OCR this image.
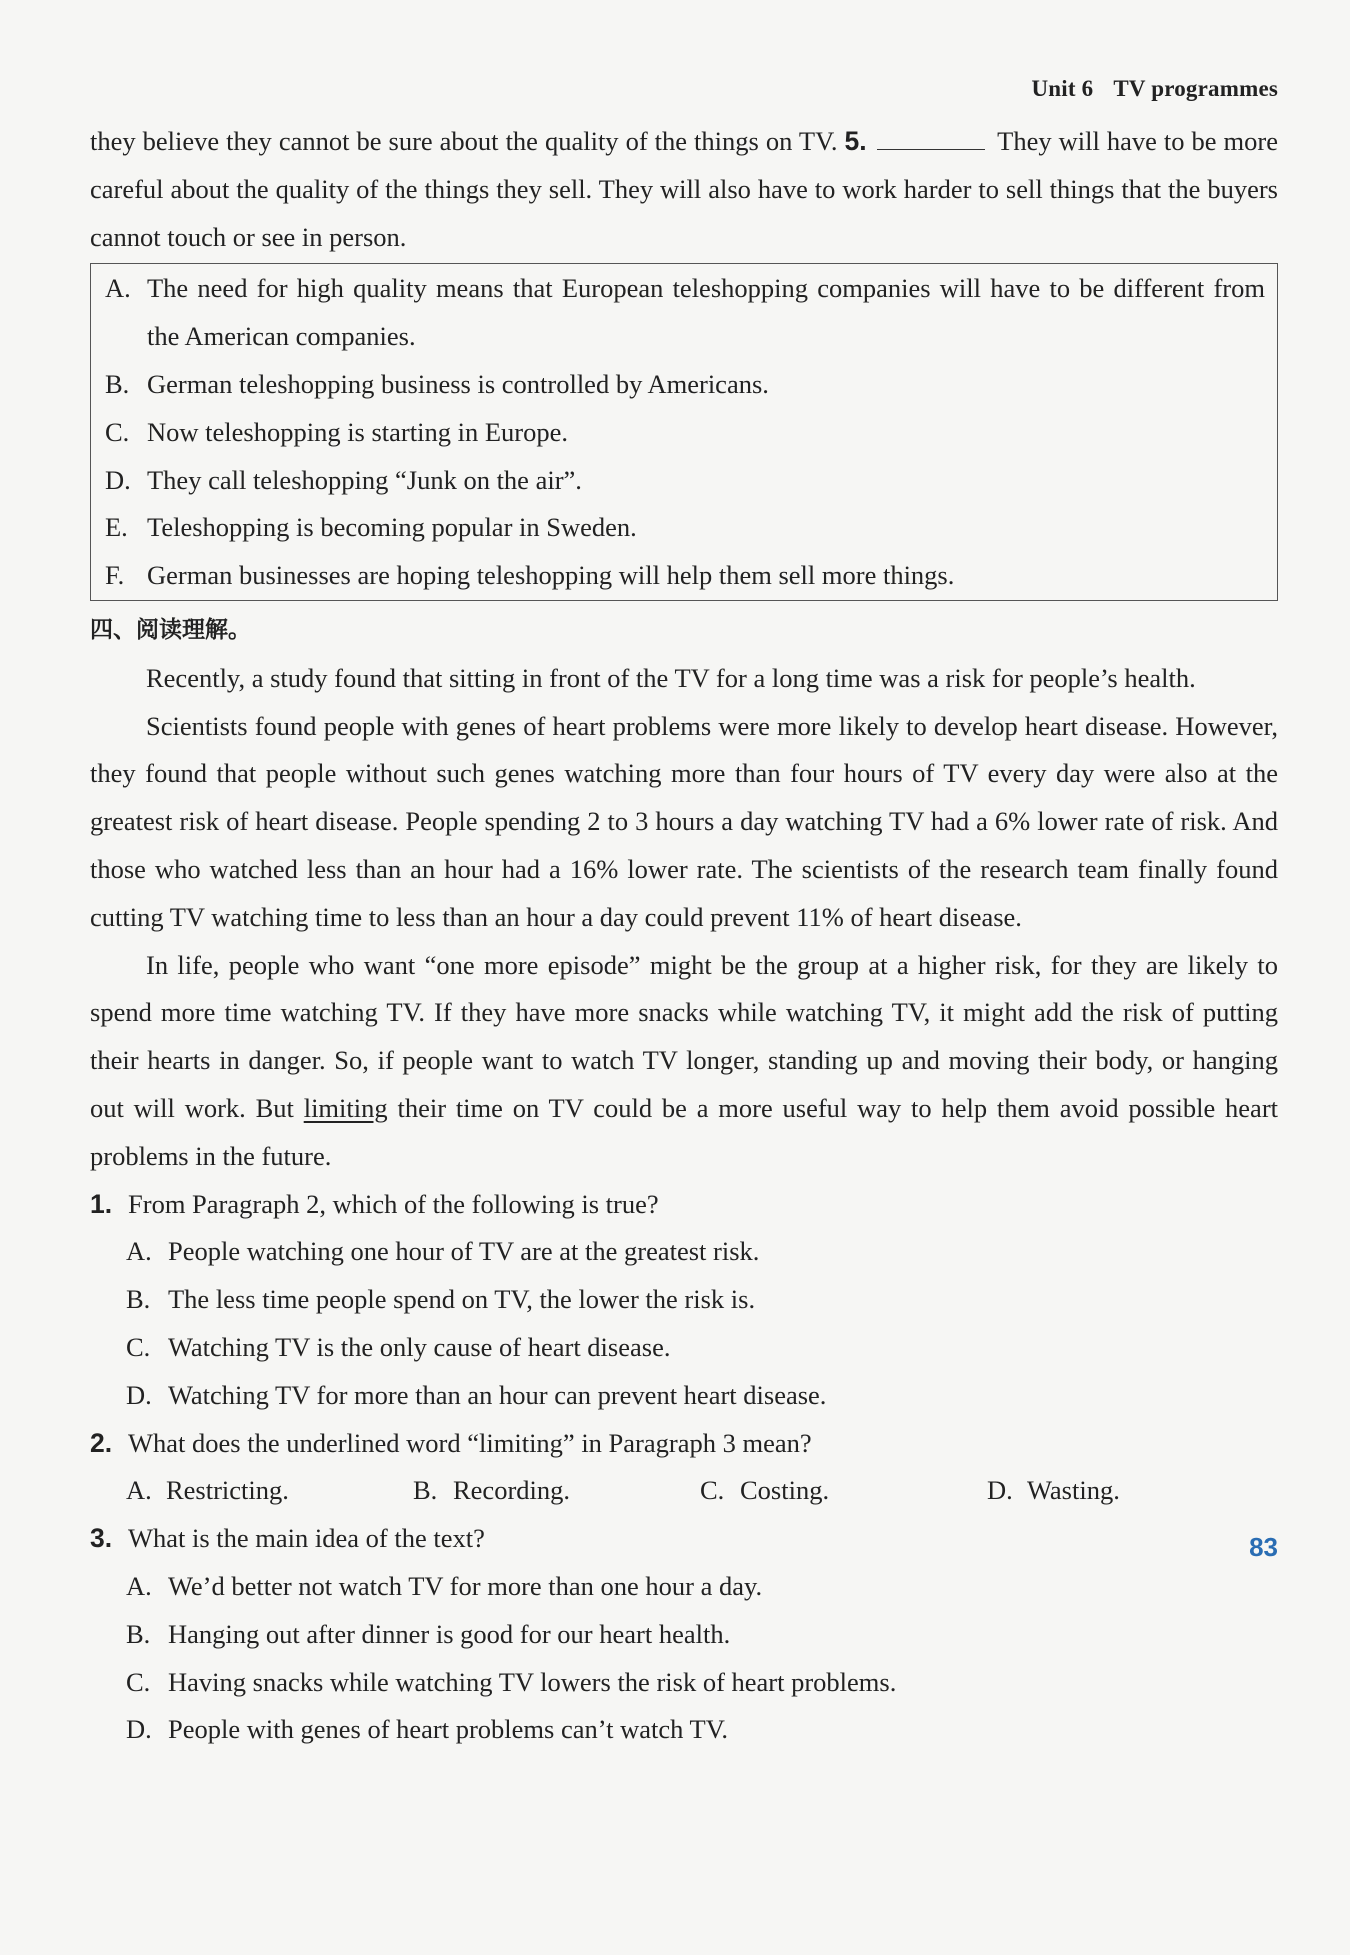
Unit 6 TV programmes

they believe they cannot be sure about the quality of the things on TV. 5.	They will have to be more careful about the quality of the things they sell. They will also have to work harder to sell things that the buyers cannot touch or see in person.

A. The need for high quality means that European teleshopping companies will have to be different from the American companies.
B. German teleshopping business is controlled by Americans.
C. Now teleshopping is starting in Europe.
D. They call teleshopping “Junk on the air”.
E. Teleshopping is becoming popular in Sweden.
F. German businesses are hoping teleshopping will help them sell more things.
四、阅读理解。

Recently, a study found that sitting in front of the TV for a long time was a risk for people’s health.

Scientists found people with genes of heart problems were more likely to develop heart disease. However, they found that people without such genes watching more than four hours of TV every day were also at the greatest risk of heart disease. People spending 2 to 3 hours a day watching TV had a 6% lower rate of risk. And those who watched less than an hour had a 16% lower rate. The scientists of the research team finally found cutting TV watching time to less than an hour a day could prevent 11% of heart disease.

In life, people who want “one more episode” might be the group at a higher risk, for they are likely to spend more time watching TV. If they have more snacks while watching TV, it might add the risk of putting their hearts in danger. So, if people want to watch TV longer, standing up and moving their body, or hanging out will work. But limiting their time on TV could be a more useful way to help them avoid possible heart problems in the future.

1. From Paragraph 2, which of the following is true?
A. People watching one hour of TV are at the greatest risk.
B. The less time people spend on TV, the lower the risk is.
C. Watching TV is the only cause of heart disease.
D. Watching TV for more than an hour can prevent heart disease.
2. What does the underlined word “limiting” in Paragraph 3 mean?
A. Restricting.	B. Recording.	C. Costing.	D. Wasting.
3. What is the main idea of the text?
A. We’d better not watch TV for more than one hour a day.
B. Hanging out after dinner is good for our heart health.
C. Having snacks while watching TV lowers the risk of heart problems.
D. People with genes of heart problems can’t watch TV.
83
